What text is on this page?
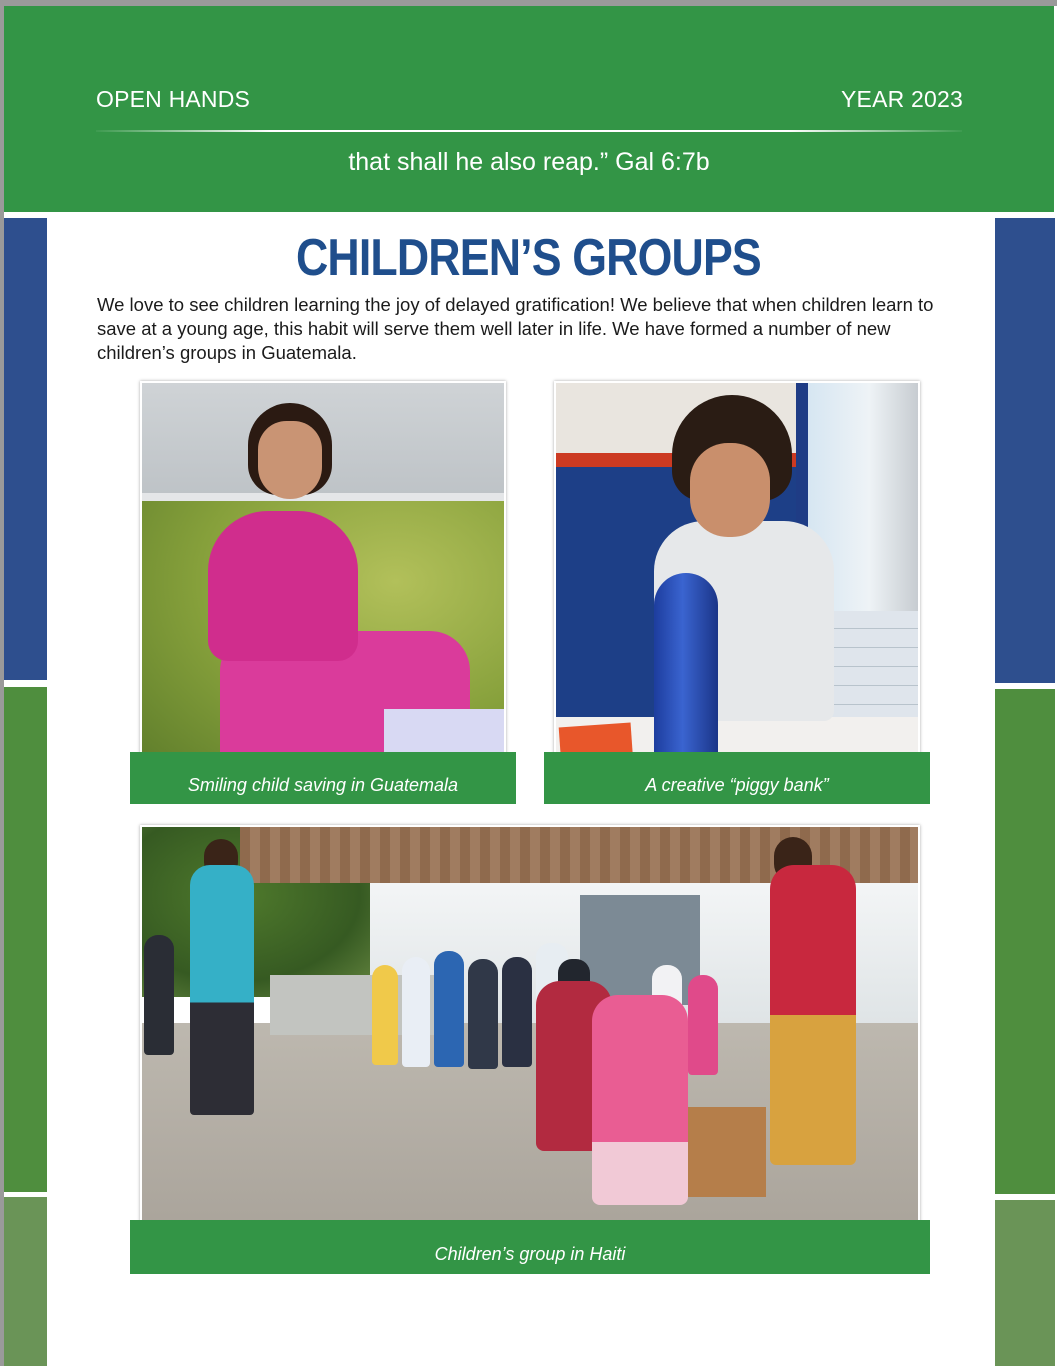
OPEN HANDS	YEAR 2023
that shall he also reap.” Gal 6:7b
CHILDREN’S GROUPS
We love to see children learning the joy of delayed gratification! We believe that when children learn to save at a young age, this habit will serve them well later in life. We have formed a number of new children’s groups in Guatemala.
Smiling child saving in Guatemala	A creative “piggy bank”
Children’s group in Haiti
